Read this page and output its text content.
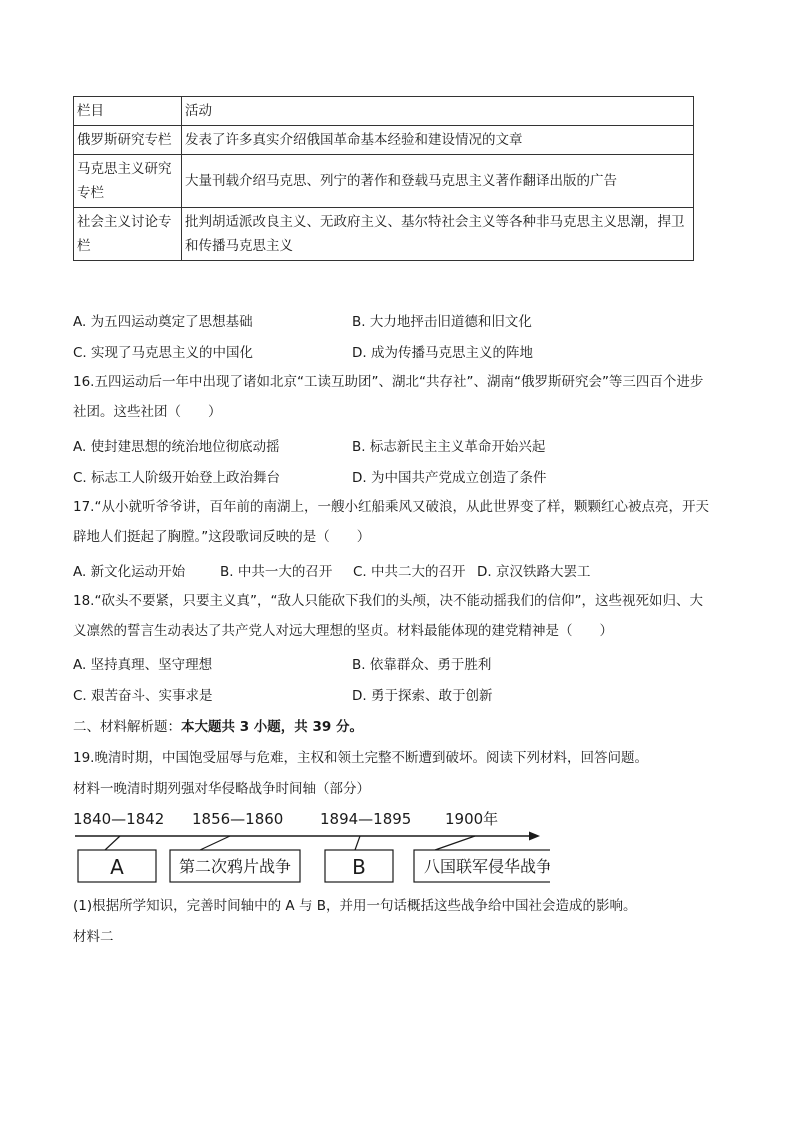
栏目	活动
俄罗斯研究专栏	发表了许多真实介绍俄国革命基本经验和建设情况的文章
马克思主义研究专栏	大量刊载介绍马克思、列宁的著作和登载马克思主义著作翻译出版的广告
社会主义讨论专栏	批判胡适派改良主义、无政府主义、基尔特社会主义等各种非马克思主义思潮，捍卫和传播马克思主义
A. 为五四运动奠定了思想基础	B. 大力地抨击旧道德和旧文化
C. 实现了马克思主义的中国化	D. 成为传播马克思主义的阵地
16.五四运动后一年中出现了诸如北京“工读互助团”、湖北“共存社”、湖南“俄罗斯研究会”等三四百个进步社团。这些社团（　　）
A. 使封建思想的统治地位彻底动摇	B. 标志新民主主义革命开始兴起
C. 标志工人阶级开始登上政治舞台	D. 为中国共产党成立创造了条件
17.“从小就听爷爷讲，百年前的南湖上，一艘小红船乘风又破浪，从此世界变了样，颗颗红心被点亮，开天辟地人们挺起了胸膛。”这段歌词反映的是（　　）
A. 新文化运动开始	B. 中共一大的召开 C. 中共二大的召开 D. 京汉铁路大罢工
18.“砍头不要紧，只要主义真”，“敌人只能砍下我们的头颅，决不能动摇我们的信仰”，这些视死如归、大义凛然的誓言生动表达了共产党人对远大理想的坚贞。材料最能体现的建党精神是（　　）
A. 坚持真理、坚守理想	B. 依靠群众、勇于胜利
C. 艰苦奋斗、实事求是	D. 勇于探索、敢于创新
二、材料解析题：本大题共 3 小题，共 39 分。
19.晚清时期，中国饱受屈辱与危难，主权和领土完整不断遭到破坏。阅读下列材料，回答问题。
材料一晚清时期列强对华侵略战争时间轴（部分）
1840—1842 1856—1860 1894—1895 1900年
A	第二次鸦片战争	B	八国联军侵华战争
(1)根据所学知识，完善时间轴中的 A 与 B，并用一句话概括这些战争给中国社会造成的影响。
材料二
